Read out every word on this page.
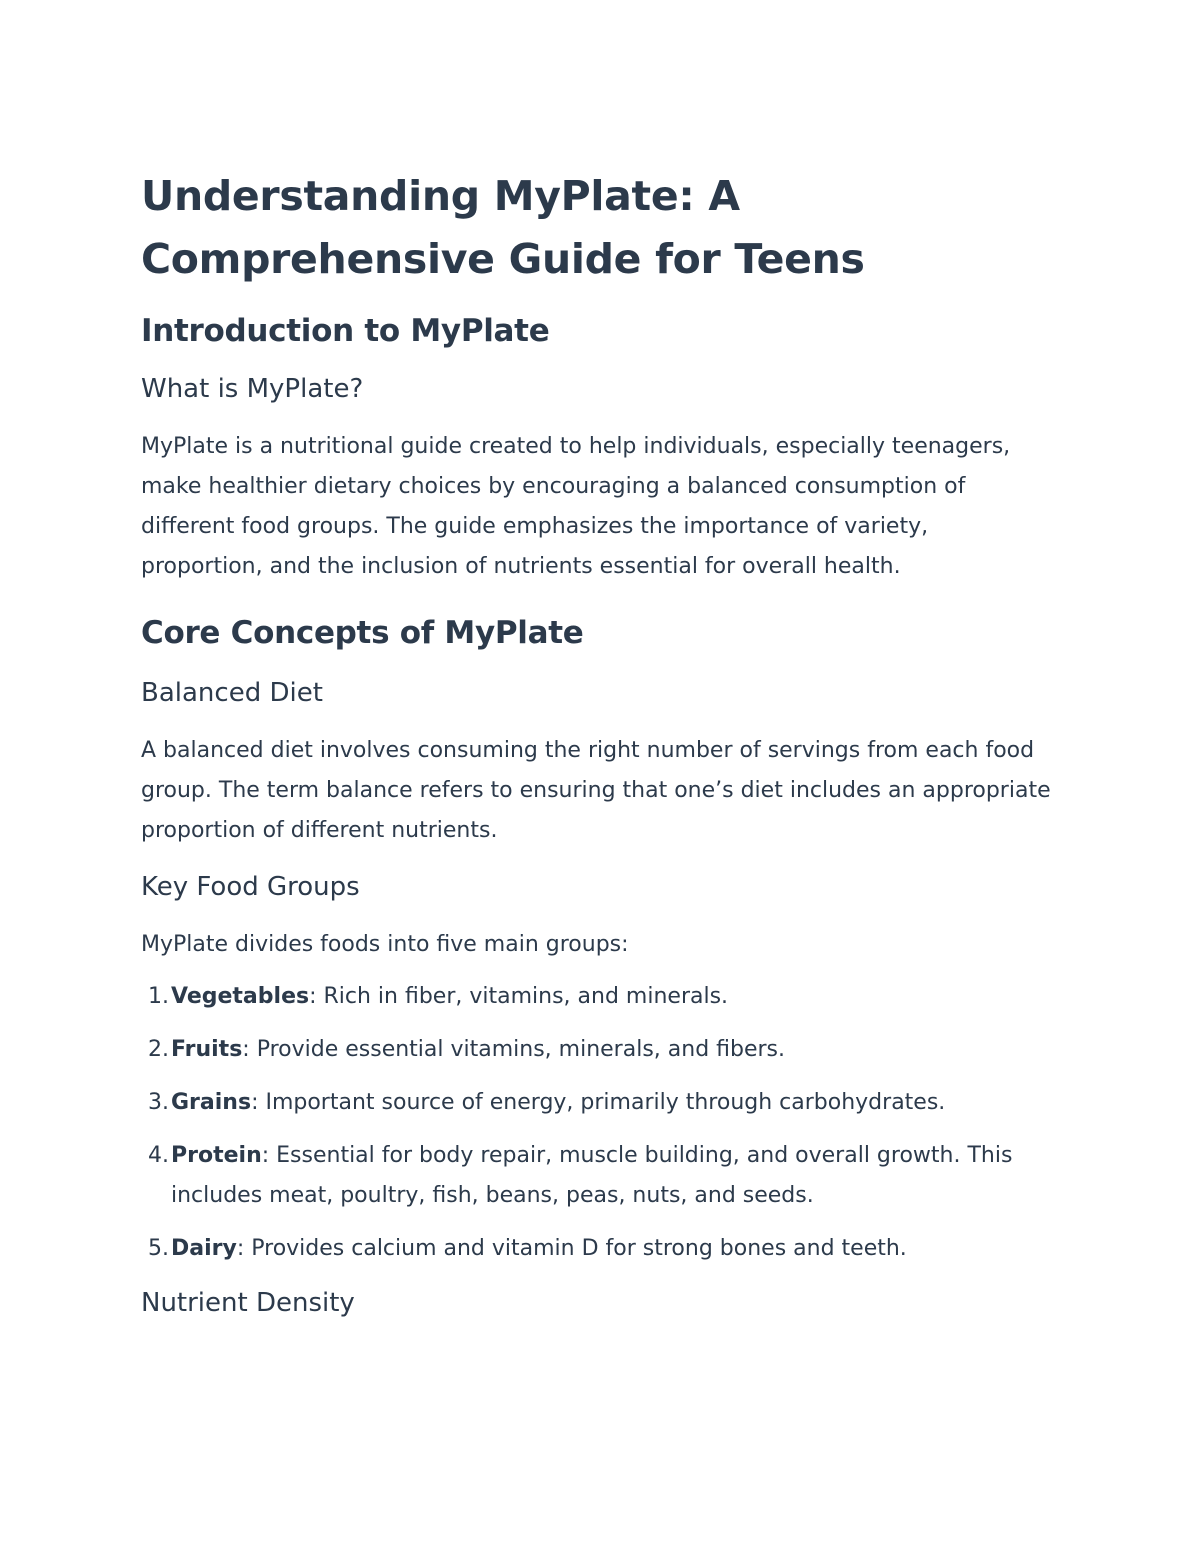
Understanding MyPlate: A Comprehensive Guide for Teens
Introduction to MyPlate
What is MyPlate?

MyPlate is a nutritional guide created to help individuals, especially teenagers, make healthier dietary choices by encouraging a balanced consumption of different food groups. The guide emphasizes the importance of variety, proportion, and the inclusion of nutrients essential for overall health.

Core Concepts of MyPlate
Balanced Diet

A balanced diet involves consuming the right number of servings from each food group. The term balance refers to ensuring that one’s diet includes an appropriate proportion of different nutrients.

Key Food Groups

MyPlate divides foods into five main groups:

1. Vegetables: Rich in fiber, vitamins, and minerals.
2. Fruits: Provide essential vitamins, minerals, and fibers.
3. Grains: Important source of energy, primarily through carbohydrates.
4. Protein: Essential for body repair, muscle building, and overall growth. This includes meat, poultry, fish, beans, peas, nuts, and seeds.
5. Dairy: Provides calcium and vitamin D for strong bones and teeth.
Nutrient Density
